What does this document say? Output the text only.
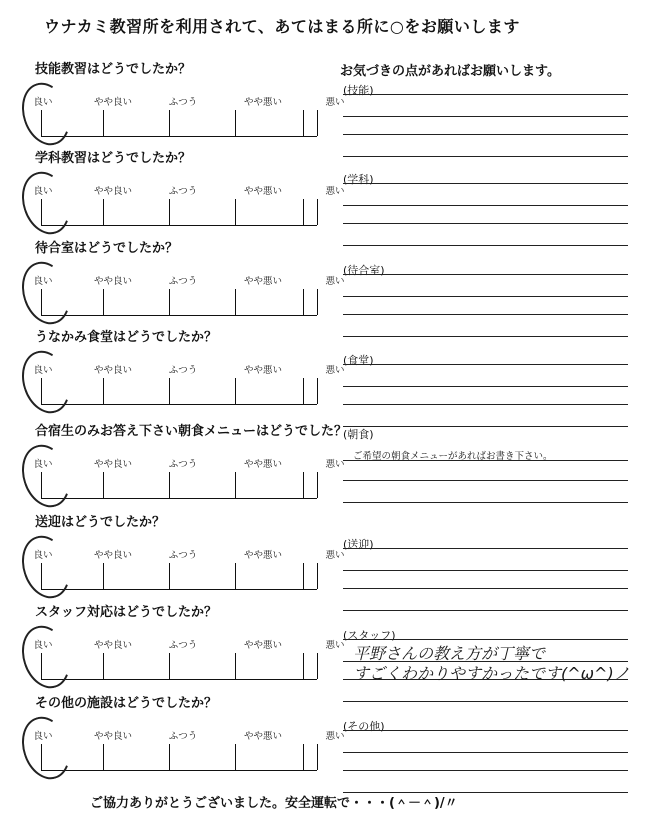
ウナカミ教習所を利用されて、あてはまる所に○をお願いします
お気づきの点があればお願いします。
技能教習はどうでしたか？
良い	やや良い	ふつう	やや悪い	悪い
(技能)
学科教習はどうでしたか？
良い	やや良い	ふつう	やや悪い	悪い
(学科)
待合室はどうでしたか？
良い	やや良い	ふつう	やや悪い	悪い
(待合室)
うなかみ食堂はどうでしたか？
良い	やや良い	ふつう	やや悪い	悪い
(食堂)
合宿生のみお答え下さい朝食メニューはどうでした？
良い	やや良い	ふつう	やや悪い	悪い
(朝食)
ご希望の朝食メニューがあればお書き下さい。
送迎はどうでしたか？
良い	やや良い	ふつう	やや悪い	悪い
(送迎)
スタッフ対応はどうでしたか？
良い	やや良い	ふつう	やや悪い	悪い
(スタッフ)
平野さんの教え方が丁寧で
すごくわかりやすかったです(^ω^)ノ
その他の施設はどうでしたか？
良い	やや良い	ふつう	やや悪い	悪い
(その他)
ご協力ありがとうございました。安全運転で・・・(＾－＾)/〃
